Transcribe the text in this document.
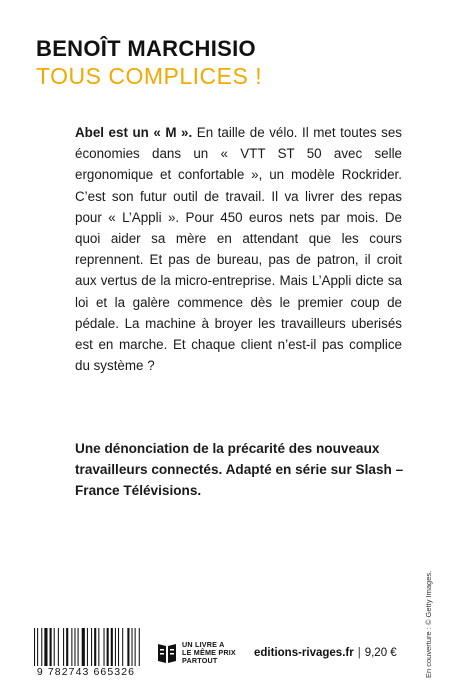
BENOÎT MARCHISIO
TOUS COMPLICES !

Abel est un « M ». En taille de vélo. Il met toutes ses économies dans un « VTT ST 50 avec selle ergonomique et confortable », un modèle Rockrider. C’est son futur outil de travail. Il va livrer des repas pour « L’Appli ». Pour 450 euros nets par mois. De quoi aider sa mère en attendant que les cours reprennent. Et pas de bureau, pas de patron, il croit aux vertus de la micro-entreprise. Mais L’Appli dicte sa loi et la galère commence dès le premier coup de pédale. La machine à broyer les travailleurs uberisés est en marche. Et chaque client n’est-il pas complice du système ?

Une dénonciation de la précarité des nouveaux travailleurs connectés. Adapté en série sur Slash – France Télévisions.

En couverture : © Getty Images.
9 782743 665326
UN LIVRE A
LE MÊME PRIX
PARTOUT
editions-rivages.fr | 9,20 €
